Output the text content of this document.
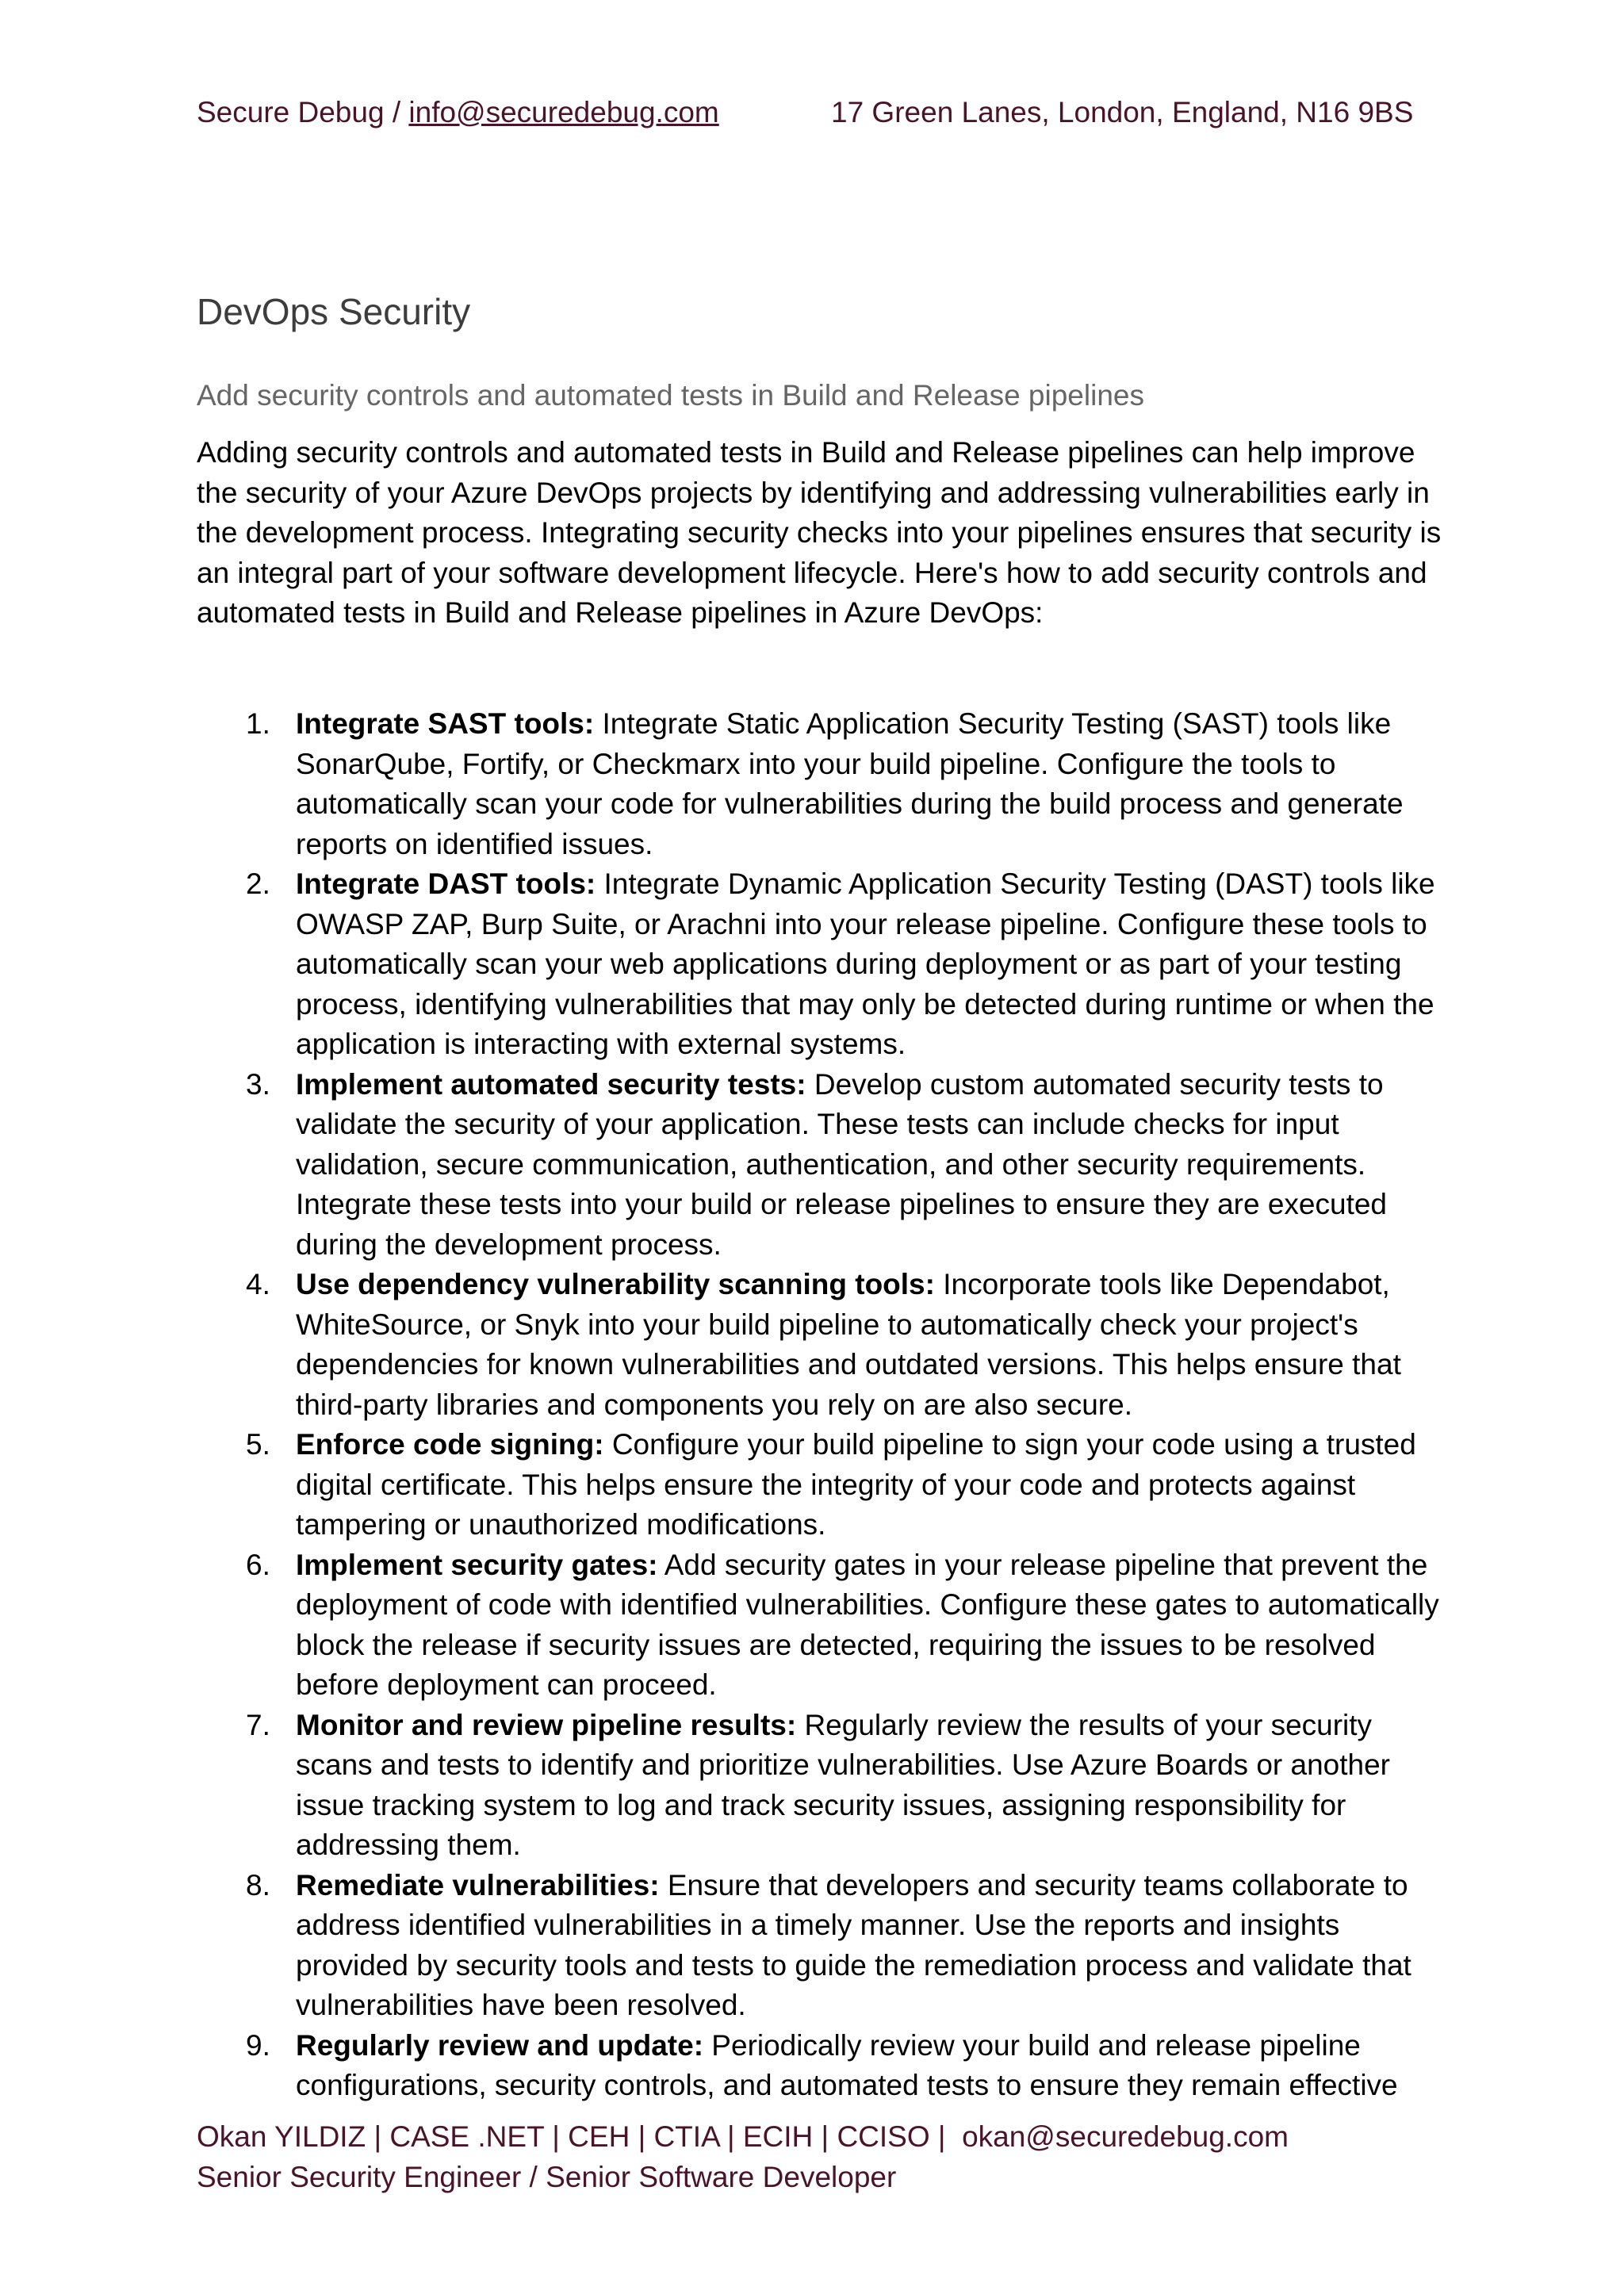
Secure Debug / info@securedebug.com	17 Green Lanes, London, England, N16 9BS
DevOps Security
Add security controls and automated tests in Build and Release pipelines

Adding security controls and automated tests in Build and Release pipelines can help improve the security of your Azure DevOps projects by identifying and addressing vulnerabilities early in the development process. Integrating security checks into your pipelines ensures that security is an integral part of your software development lifecycle. Here's how to add security controls and automated tests in Build and Release pipelines in Azure DevOps:

1. Integrate SAST tools: Integrate Static Application Security Testing (SAST) tools like SonarQube, Fortify, or Checkmarx into your build pipeline. Configure the tools to automatically scan your code for vulnerabilities during the build process and generate reports on identified issues.
2. Integrate DAST tools: Integrate Dynamic Application Security Testing (DAST) tools like OWASP ZAP, Burp Suite, or Arachni into your release pipeline. Configure these tools to automatically scan your web applications during deployment or as part of your testing process, identifying vulnerabilities that may only be detected during runtime or when the application is interacting with external systems.
3. Implement automated security tests: Develop custom automated security tests to validate the security of your application. These tests can include checks for input validation, secure communication, authentication, and other security requirements. Integrate these tests into your build or release pipelines to ensure they are executed during the development process.
4. Use dependency vulnerability scanning tools: Incorporate tools like Dependabot, WhiteSource, or Snyk into your build pipeline to automatically check your project's dependencies for known vulnerabilities and outdated versions. This helps ensure that third-party libraries and components you rely on are also secure.
5. Enforce code signing: Configure your build pipeline to sign your code using a trusted digital certificate. This helps ensure the integrity of your code and protects against tampering or unauthorized modifications.
6. Implement security gates: Add security gates in your release pipeline that prevent the deployment of code with identified vulnerabilities. Configure these gates to automatically block the release if security issues are detected, requiring the issues to be resolved before deployment can proceed.
7. Monitor and review pipeline results: Regularly review the results of your security scans and tests to identify and prioritize vulnerabilities. Use Azure Boards or another issue tracking system to log and track security issues, assigning responsibility for addressing them.
8. Remediate vulnerabilities: Ensure that developers and security teams collaborate to address identified vulnerabilities in a timely manner. Use the reports and insights provided by security tools and tests to guide the remediation process and validate that vulnerabilities have been resolved.
9. Regularly review and update: Periodically review your build and release pipeline configurations, security controls, and automated tests to ensure they remain effective
Okan YILDIZ | CASE .NET | CEH | CTIA | ECIH | CCISO |  okan@securedebug.com
Senior Security Engineer / Senior Software Developer
